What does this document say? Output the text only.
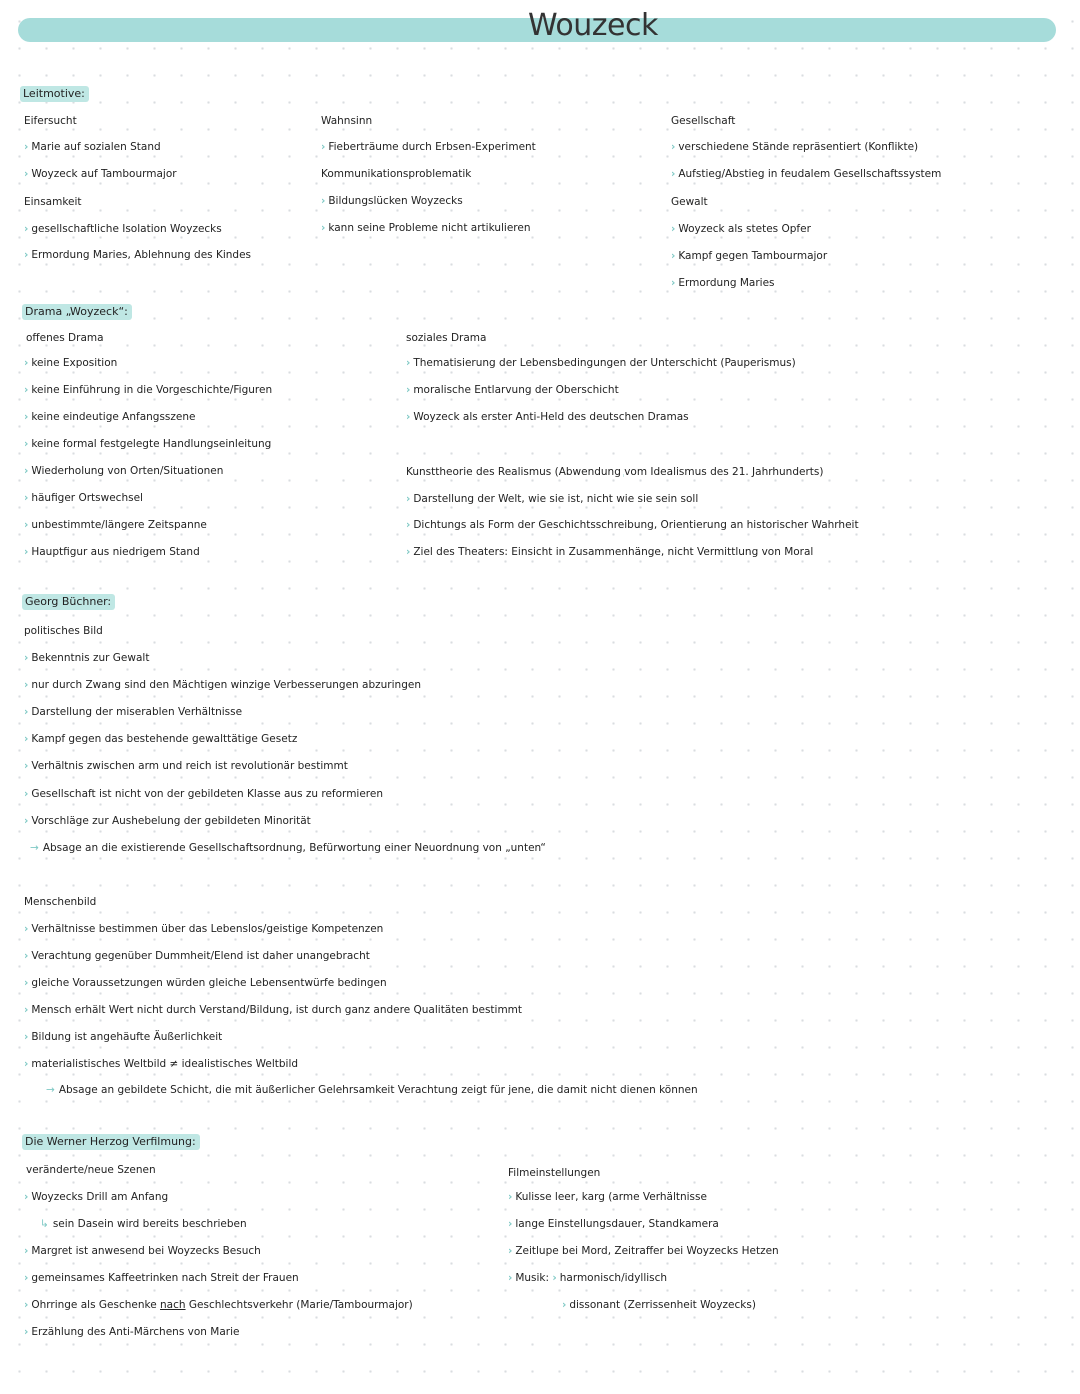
Wouzeck
Leitmotive:
Eifersucht
› Marie auf sozialen Stand
› Woyzeck auf Tambourmajor
Einsamkeit
› gesellschaftliche Isolation Woyzecks
› Ermordung Maries, Ablehnung des Kindes
Wahnsinn
› Fieberträume durch Erbsen-Experiment
Kommunikationsproblematik
› Bildungslücken Woyzecks
› kann seine Probleme nicht artikulieren
Gesellschaft
› verschiedene Stände repräsentiert (Konflikte)
› Aufstieg/Abstieg in feudalem Gesellschaftssystem
Gewalt
› Woyzeck als stetes Opfer
› Kampf gegen Tambourmajor
› Ermordung Maries
Drama „Woyzeck“:
offenes Drama
› keine Exposition
› keine Einführung in die Vorgeschichte/Figuren
› keine eindeutige Anfangsszene
› keine formal festgelegte Handlungseinleitung
› Wiederholung von Orten/Situationen
› häufiger Ortswechsel
› unbestimmte/längere Zeitspanne
› Hauptfigur aus niedrigem Stand
soziales Drama
› Thematisierung der Lebensbedingungen der Unterschicht (Pauperismus)
› moralische Entlarvung der Oberschicht
› Woyzeck als erster Anti-Held des deutschen Dramas
Kunsttheorie des Realismus (Abwendung vom Idealismus des 21. Jahrhunderts)
› Darstellung der Welt, wie sie ist, nicht wie sie sein soll
› Dichtungs als Form der Geschichtsschreibung, Orientierung an historischer Wahrheit
› Ziel des Theaters: Einsicht in Zusammenhänge, nicht Vermittlung von Moral
Georg Büchner:
politisches Bild
› Bekenntnis zur Gewalt
› nur durch Zwang sind den Mächtigen winzige Verbesserungen abzuringen
› Darstellung der miserablen Verhältnisse
› Kampf gegen das bestehende gewalttätige Gesetz
› Verhältnis zwischen arm und reich ist revolutionär bestimmt
› Gesellschaft ist nicht von der gebildeten Klasse aus zu reformieren
› Vorschläge zur Aushebelung der gebildeten Minorität
→ Absage an die existierende Gesellschaftsordnung, Befürwortung einer Neuordnung von „unten“
Menschenbild
› Verhältnisse bestimmen über das Lebenslos/geistige Kompetenzen
› Verachtung gegenüber Dummheit/Elend ist daher unangebracht
› gleiche Voraussetzungen würden gleiche Lebensentwürfe bedingen
› Mensch erhält Wert nicht durch Verstand/Bildung, ist durch ganz andere Qualitäten bestimmt
› Bildung ist angehäufte Äußerlichkeit
› materialistisches Weltbild ≠ idealistisches Weltbild
→ Absage an gebildete Schicht, die mit äußerlicher Gelehrsamkeit Verachtung zeigt für jene, die damit nicht dienen können
Die Werner Herzog Verfilmung:
veränderte/neue Szenen
› Woyzecks Drill am Anfang
↳ sein Dasein wird bereits beschrieben
› Margret ist anwesend bei Woyzecks Besuch
› gemeinsames Kaffeetrinken nach Streit der Frauen
› Ohrringe als Geschenke nach Geschlechtsverkehr (Marie/Tambourmajor)
› Erzählung des Anti-Märchens von Marie
Filmeinstellungen
› Kulisse leer, karg (arme Verhältnisse
› lange Einstellungsdauer, Standkamera
› Zeitlupe bei Mord, Zeitraffer bei Woyzecks Hetzen
› Musik: › harmonisch/idyllisch
› dissonant (Zerrissenheit Woyzecks)
